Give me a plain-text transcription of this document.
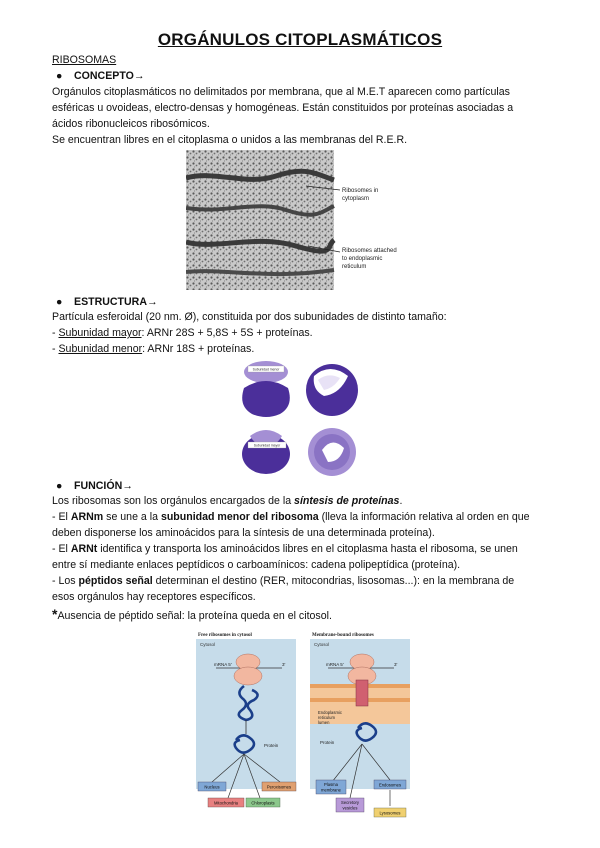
ORGÁNULOS CITOPLASMÁTICOS
RIBOSOMAS
● CONCEPTO→
Orgánulos citoplasmáticos no delimitados por membrana, que al M.E.T aparecen como partículas
esféricas u ovoideas, electro-densas y homogéneas. Están constituidos por proteínas asociadas a
ácidos ribonucleicos ribosómicos.
Se encuentran libres en el citoplasma o unidos a las membranas del R.E.R.
Ribosomes in
cytoplasm
Ribosomes attached
to endoplasmic
reticulum
● ESTRUCTURA→
Partícula esferoidal (20 nm. Ø), constituida por dos subunidades de distinto tamaño:
- Subunidad mayor: ARNr 28S + 5,8S + 5S + proteínas.
- Subunidad menor: ARNr 18S + proteínas.
Subunidad menor
Subunidad mayor
● FUNCIÓN→
Los ribosomas son los orgánulos encargados de la síntesis de proteínas.
- El ARNm se une a la subunidad menor del ribosoma (lleva la información relativa al orden en que
deben disponerse los aminoácidos para la síntesis de una determinada proteína).
- El ARNt identifica y transporta los aminoácidos libres en el citoplasma hasta el ribosoma, se unen
entre sí mediante enlaces peptídicos o carboamínicos: cadena polipeptídica (proteína).
- Los péptidos señal determinan el destino (RER, mitocondrias, lisosomas...): en la membrana de
esos orgánulos hay receptores específicos.
*Ausencia de péptido señal: la proteína queda en el citosol.
Free ribosomes in cytosol	Membrane-bound ribosomes
Cytosol
mRNA 5'	3'
Protein
Nucleus	Peroxisomes
Mitochondria	Chloroplasts
Cytosol
mRNA 5'	3'
Endoplasmic
reticulum
lumen
Protein
Plasma
membrane
Endosomes
Secretory
vesicles
Lysosomes
